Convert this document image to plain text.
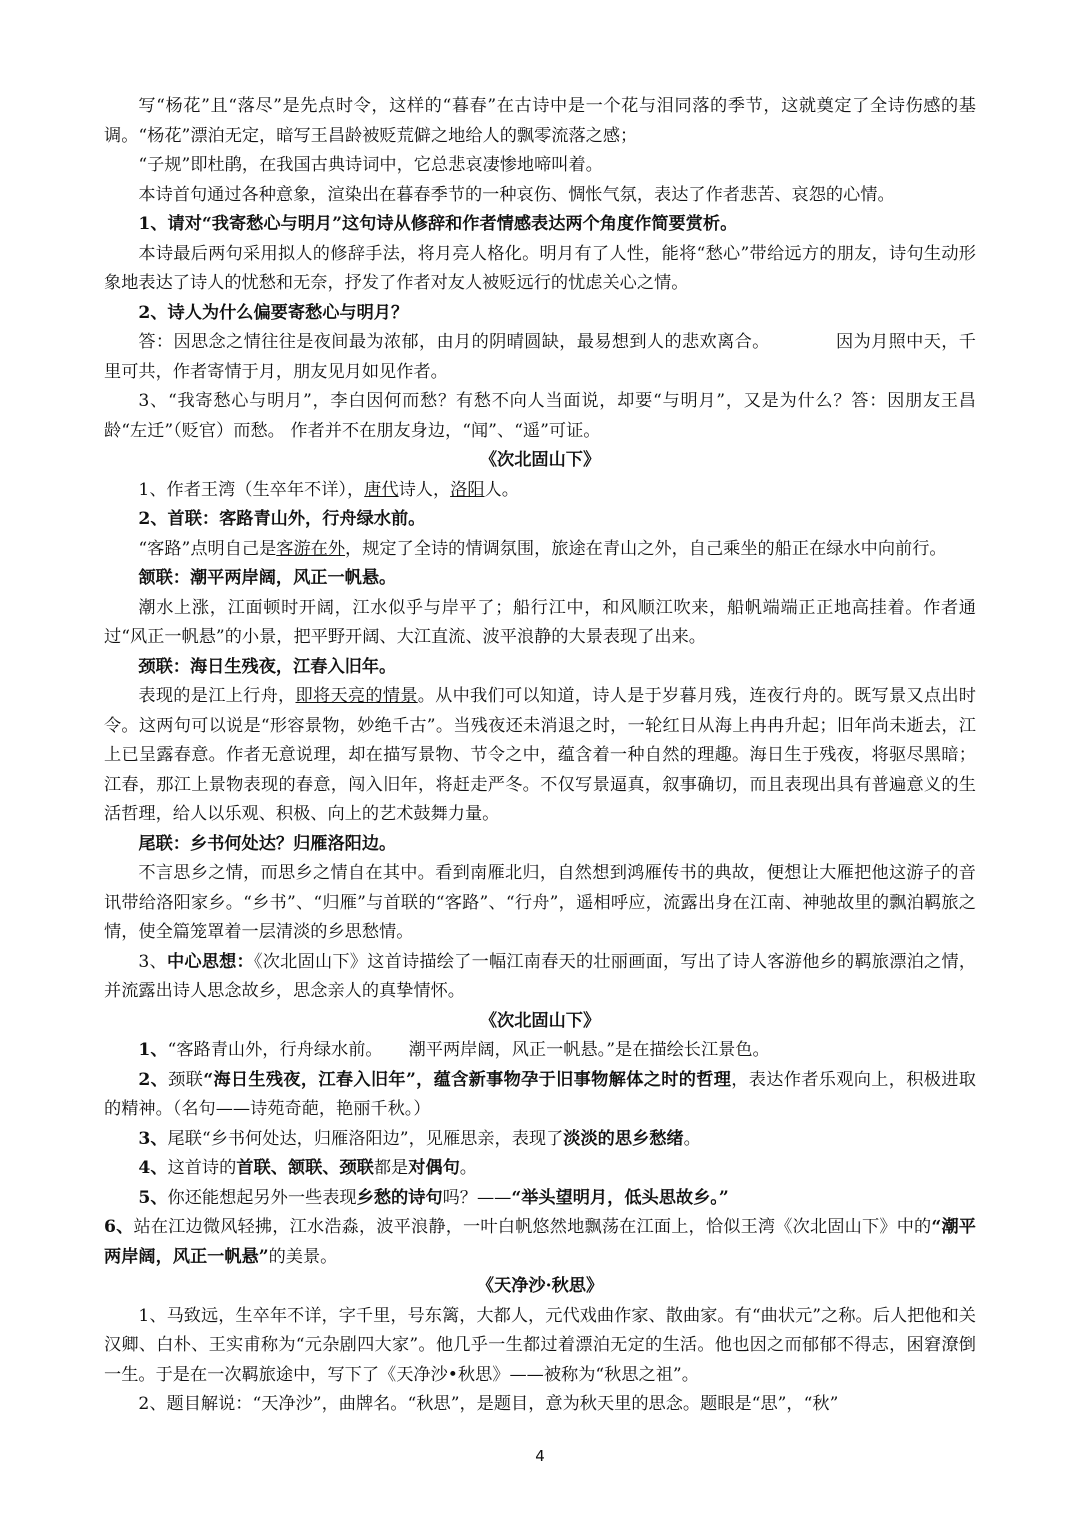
写“杨花”且“落尽”是先点时令，这样的“暮春”在古诗中是一个花与泪同落的季节，这就奠定了全诗伤感的基调。“杨花”漂泊无定，暗写王昌龄被贬荒僻之地给人的飘零流落之感；

“子规”即杜鹃，在我国古典诗词中，它总悲哀凄惨地啼叫着。

本诗首句通过各种意象，渲染出在暮春季节的一种哀伤、惆怅气氛，表达了作者悲苦、哀怨的心情。

1、请对“我寄愁心与明月”这句诗从修辞和作者情感表达两个角度作简要赏析。

本诗最后两句采用拟人的修辞手法，将月亮人格化。明月有了人性，能将“愁心”带给远方的朋友，诗句生动形象地表达了诗人的忧愁和无奈，抒发了作者对友人被贬远行的忧虑关心之情。

2、诗人为什么偏要寄愁心与明月？

答：因思念之情往往是夜间最为浓郁，由月的阴晴圆缺，最易想到人的悲欢离合。	因为月照中天，千里可共，作者寄情于月，朋友见月如见作者。

3、“我寄愁心与明月”，李白因何而愁？有愁不向人当面说，却要“与明月”，又是为什么？答：因朋友王昌龄“左迁”（贬官）而愁。 作者并不在朋友身边，“闻”、“遥”可证。

《次北固山下》

1、作者王湾（生卒年不详），唐代诗人，洛阳人。

2、首联：客路青山外，行舟绿水前。

“客路”点明自己是客游在外，规定了全诗的情调氛围，旅途在青山之外，自己乘坐的船正在绿水中向前行。

颔联：潮平两岸阔，风正一帆悬。

潮水上涨，江面顿时开阔，江水似乎与岸平了；船行江中，和风顺江吹来，船帆端端正正地高挂着。作者通过“风正一帆悬”的小景，把平野开阔、大江直流、波平浪静的大景表现了出来。

颈联：海日生残夜，江春入旧年。

表现的是江上行舟，即将天亮的情景。从中我们可以知道，诗人是于岁暮月残，连夜行舟的。既写景又点出时令。这两句可以说是“形容景物，妙绝千古”。当残夜还未消退之时，一轮红日从海上冉冉升起；旧年尚未逝去，江上已呈露春意。作者无意说理，却在描写景物、节令之中，蕴含着一种自然的理趣。海日生于残夜，将驱尽黑暗；江春，那江上景物表现的春意，闯入旧年，将赶走严冬。不仅写景逼真，叙事确切，而且表现出具有普遍意义的生活哲理，给人以乐观、积极、向上的艺术鼓舞力量。

尾联：乡书何处达？归雁洛阳边。

不言思乡之情，而思乡之情自在其中。看到南雁北归，自然想到鸿雁传书的典故，便想让大雁把他这游子的音讯带给洛阳家乡。“乡书”、“归雁”与首联的“客路”、“行舟”，遥相呼应，流露出身在江南、神驰故里的飘泊羁旅之情，使全篇笼罩着一层清淡的乡思愁情。

3、中心思想：《次北固山下》这首诗描绘了一幅江南春天的壮丽画面，写出了诗人客游他乡的羁旅漂泊之情，并流露出诗人思念故乡，思念亲人的真挚情怀。

《次北固山下》

1、“客路青山外，行舟绿水前。 潮平两岸阔，风正一帆悬。”是在描绘长江景色。

2、颈联“海日生残夜，江春入旧年”，蕴含新事物孕于旧事物解体之时的哲理，表达作者乐观向上，积极进取的精神。（名句——诗苑奇葩，艳丽千秋。）

3、尾联“乡书何处达，归雁洛阳边”，见雁思亲，表现了淡淡的思乡愁绪。

4、这首诗的首联、颔联、颈联都是对偶句。

5、你还能想起另外一些表现乡愁的诗句吗？——“举头望明月，低头思故乡。”

6、站在江边微风轻拂，江水浩淼，波平浪静，一叶白帆悠然地飘荡在江面上，恰似王湾《次北固山下》中的“潮平两岸阔，风正一帆悬”的美景。

《天净沙·秋思》

1、马致远，生卒年不详，字千里，号东篱，大都人，元代戏曲作家、散曲家。有“曲状元”之称。后人把他和关汉卿、白朴、王实甫称为“元杂剧四大家”。他几乎一生都过着漂泊无定的生活。他也因之而郁郁不得志，困窘潦倒一生。于是在一次羁旅途中，写下了《天净沙•秋思》——被称为“秋思之祖”。

2、题目解说：“天净沙”，曲牌名。“秋思”，是题目，意为秋天里的思念。题眼是“思”，“秋”

4
